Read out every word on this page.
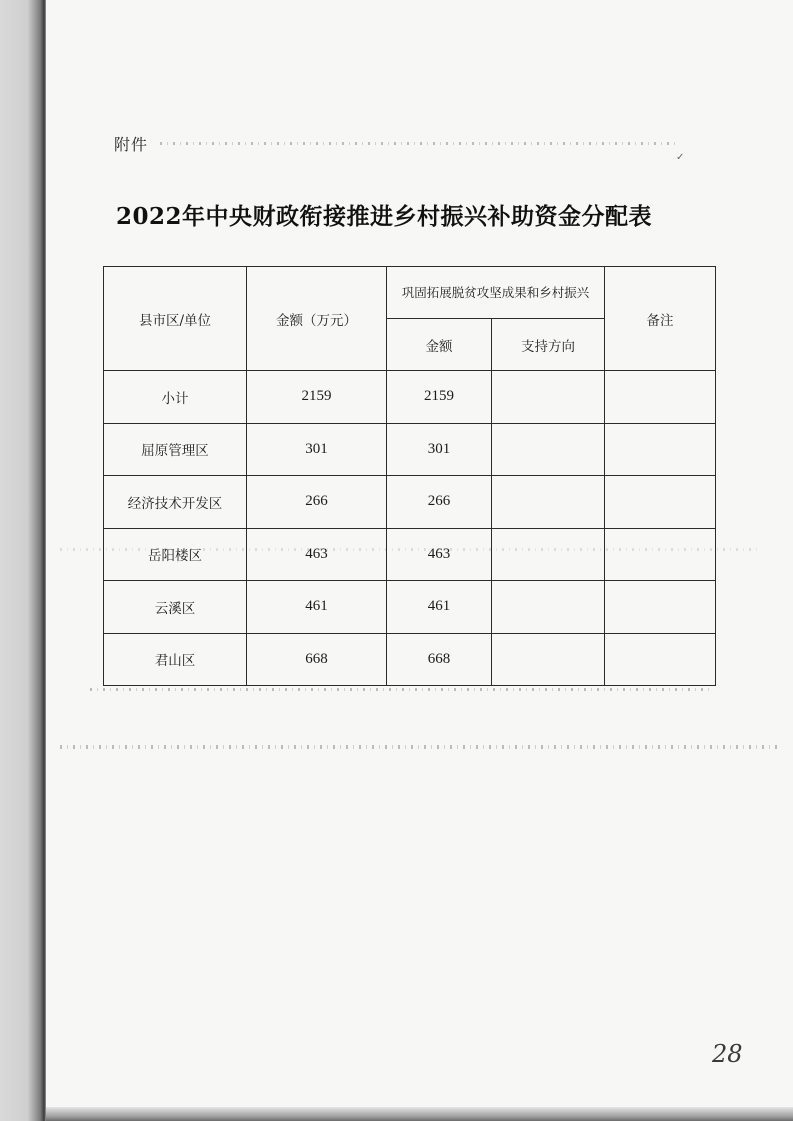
✓
附件
2022年中央财政衔接推进乡村振兴补助资金分配表
县市区/单位	金额（万元）	巩固拓展脱贫攻坚成果和乡村振兴		备注
		金额	支持方向	
小计	2159	2159		
屈原管理区	301	301		
经济技术开发区	266	266		
岳阳楼区	463	463		
云溪区	461	461		
君山区	668	668		
28
